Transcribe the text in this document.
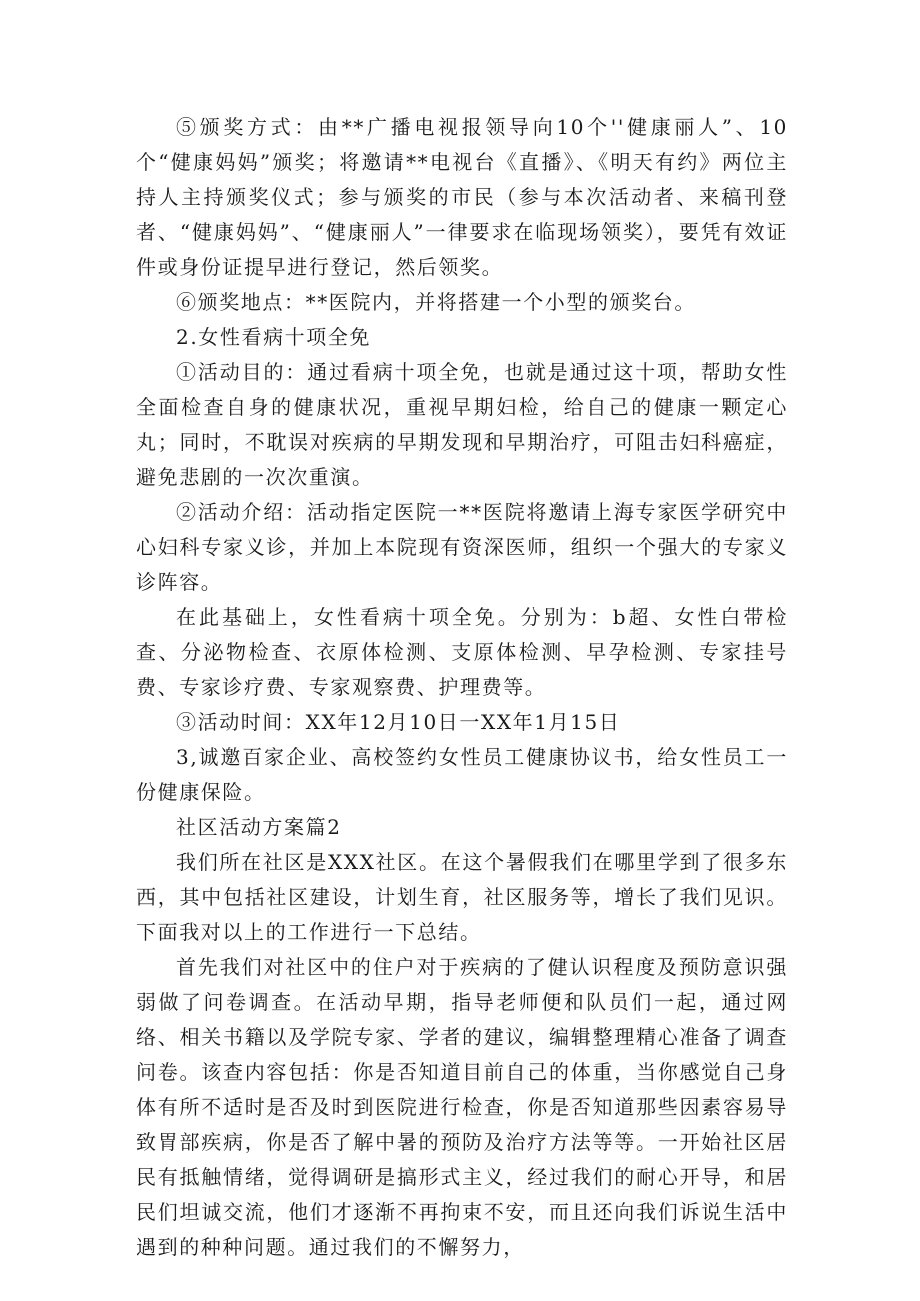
⑤颁奖方式：由**广播电视报领导向10个''健康丽人”、10个“健康妈妈”颁奖；将邀请**电视台《直播》、《明天有约》两位主持人主持颁奖仪式；参与颁奖的市民（参与本次活动者、来稿刊登者、“健康妈妈”、“健康丽人”一律要求在临现场领奖），要凭有效证件或身份证提早进行登记，然后领奖。

⑥颁奖地点：**医院内，并将搭建一个小型的颁奖台。

2.女性看病十项全免

①活动目的：通过看病十项全免，也就是通过这十项，帮助女性全面检查自身的健康状况，重视早期妇检，给自己的健康一颗定心丸；同时，不耽误对疾病的早期发现和早期治疗，可阻击妇科癌症，避免悲剧的一次次重演。

②活动介绍：活动指定医院一**医院将邀请上海专家医学研究中心妇科专家义诊，并加上本院现有资深医师，组织一个强大的专家义诊阵容。

在此基础上，女性看病十项全免。分别为：b超、女性白带检查、分泌物检查、衣原体检测、支原体检测、早孕检测、专家挂号费、专家诊疗费、专家观察费、护理费等。

③活动时间：XX年12月10日一XX年1月15日

3,诚邀百家企业、高校签约女性员工健康协议书，给女性员工一份健康保险。

社区活动方案篇2

我们所在社区是XXX社区。在这个暑假我们在哪里学到了很多东西，其中包括社区建设，计划生育，社区服务等，增长了我们见识。下面我对以上的工作进行一下总结。

首先我们对社区中的住户对于疾病的了健认识程度及预防意识强弱做了问卷调查。在活动早期，指导老师便和队员们一起，通过网络、相关书籍以及学院专家、学者的建议，编辑整理精心准备了调查问卷。该查内容包括：你是否知道目前自己的体重，当你感觉自己身体有所不适时是否及时到医院进行检查，你是否知道那些因素容易导致胃部疾病，你是否了解中暑的预防及治疗方法等等。一开始社区居民有抵触情绪，觉得调研是搞形式主义，经过我们的耐心开导，和居民们坦诚交流，他们才逐渐不再拘束不安，而且还向我们诉说生活中遇到的种种问题。通过我们的不懈努力，
